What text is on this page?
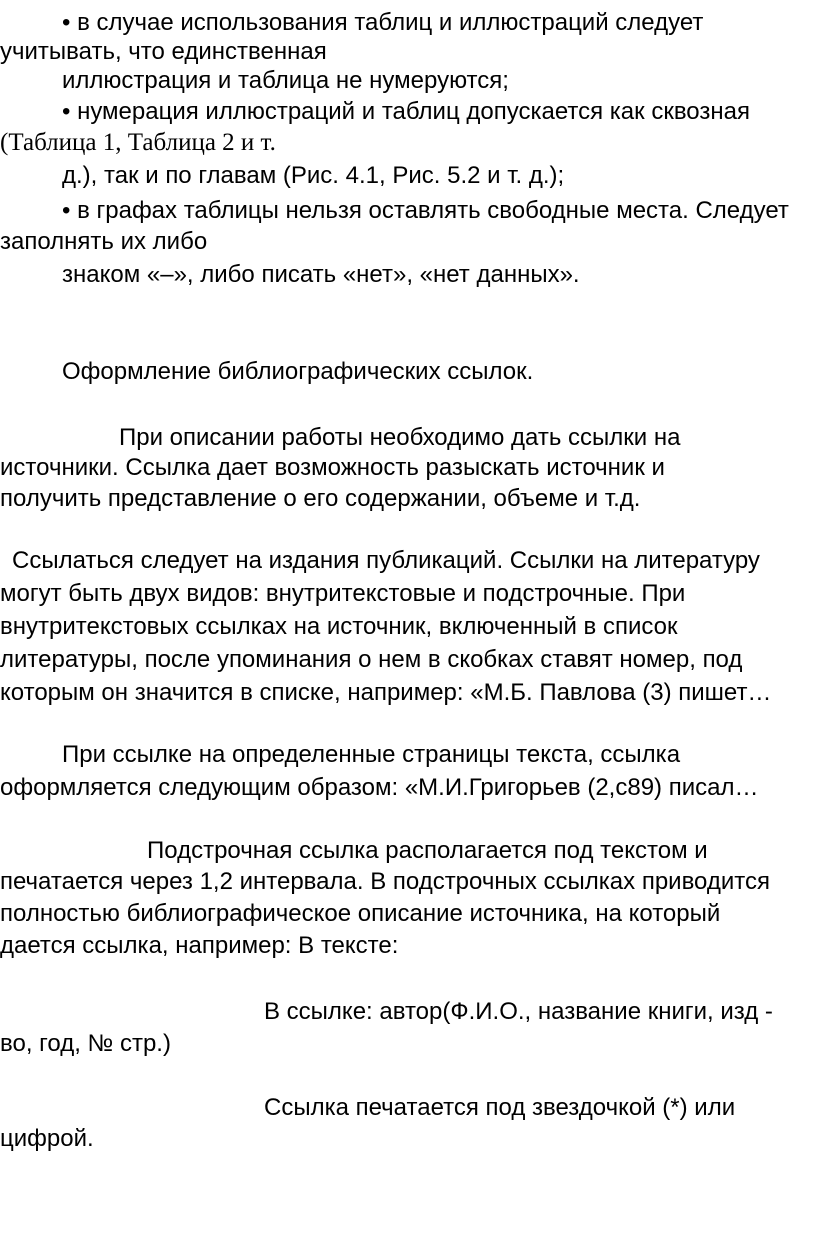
• в случае использования таблиц и иллюстраций следует
учитывать, что единственная
иллюстрация и таблица не нумеруются;
• нумерация иллюстраций и таблиц допускается как сквозная
(Таблица 1, Таблица 2 и т.
д.), так и по главам (Рис. 4.1, Рис. 5.2 и т. д.);
• в графах таблицы нельзя оставлять свободные места. Следует
заполнять их либо
знаком «–», либо писать «нет», «нет данных».
Оформление библиографических ссылок.
При описании работы необходимо дать ссылки на
источники. Ссылка дает возможность разыскать источник и
получить представление о его содержании, объеме и т.д.
Ссылаться следует на издания публикаций. Ссылки на литературу
могут быть двух видов: внутритекстовые и подстрочные. При
внутритекстовых ссылках на источник, включенный в список
литературы, после упоминания о нем в скобках ставят номер, под
которым он значится в списке, например: «М.Б. Павлова (3) пишет…
При ссылке на определенные страницы текста, ссылка
оформляется следующим образом: «М.И.Григорьев (2,с89) писал…
Подстрочная ссылка располагается под текстом и
печатается через 1,2 интервала. В подстрочных ссылках приводится
полностью библиографическое описание источника, на который
дается ссылка, например: В тексте:
В ссылке: автор(Ф.И.О., название книги, изд -
во, год, № стр.)
Ссылка печатается под звездочкой (*) или
цифрой.
